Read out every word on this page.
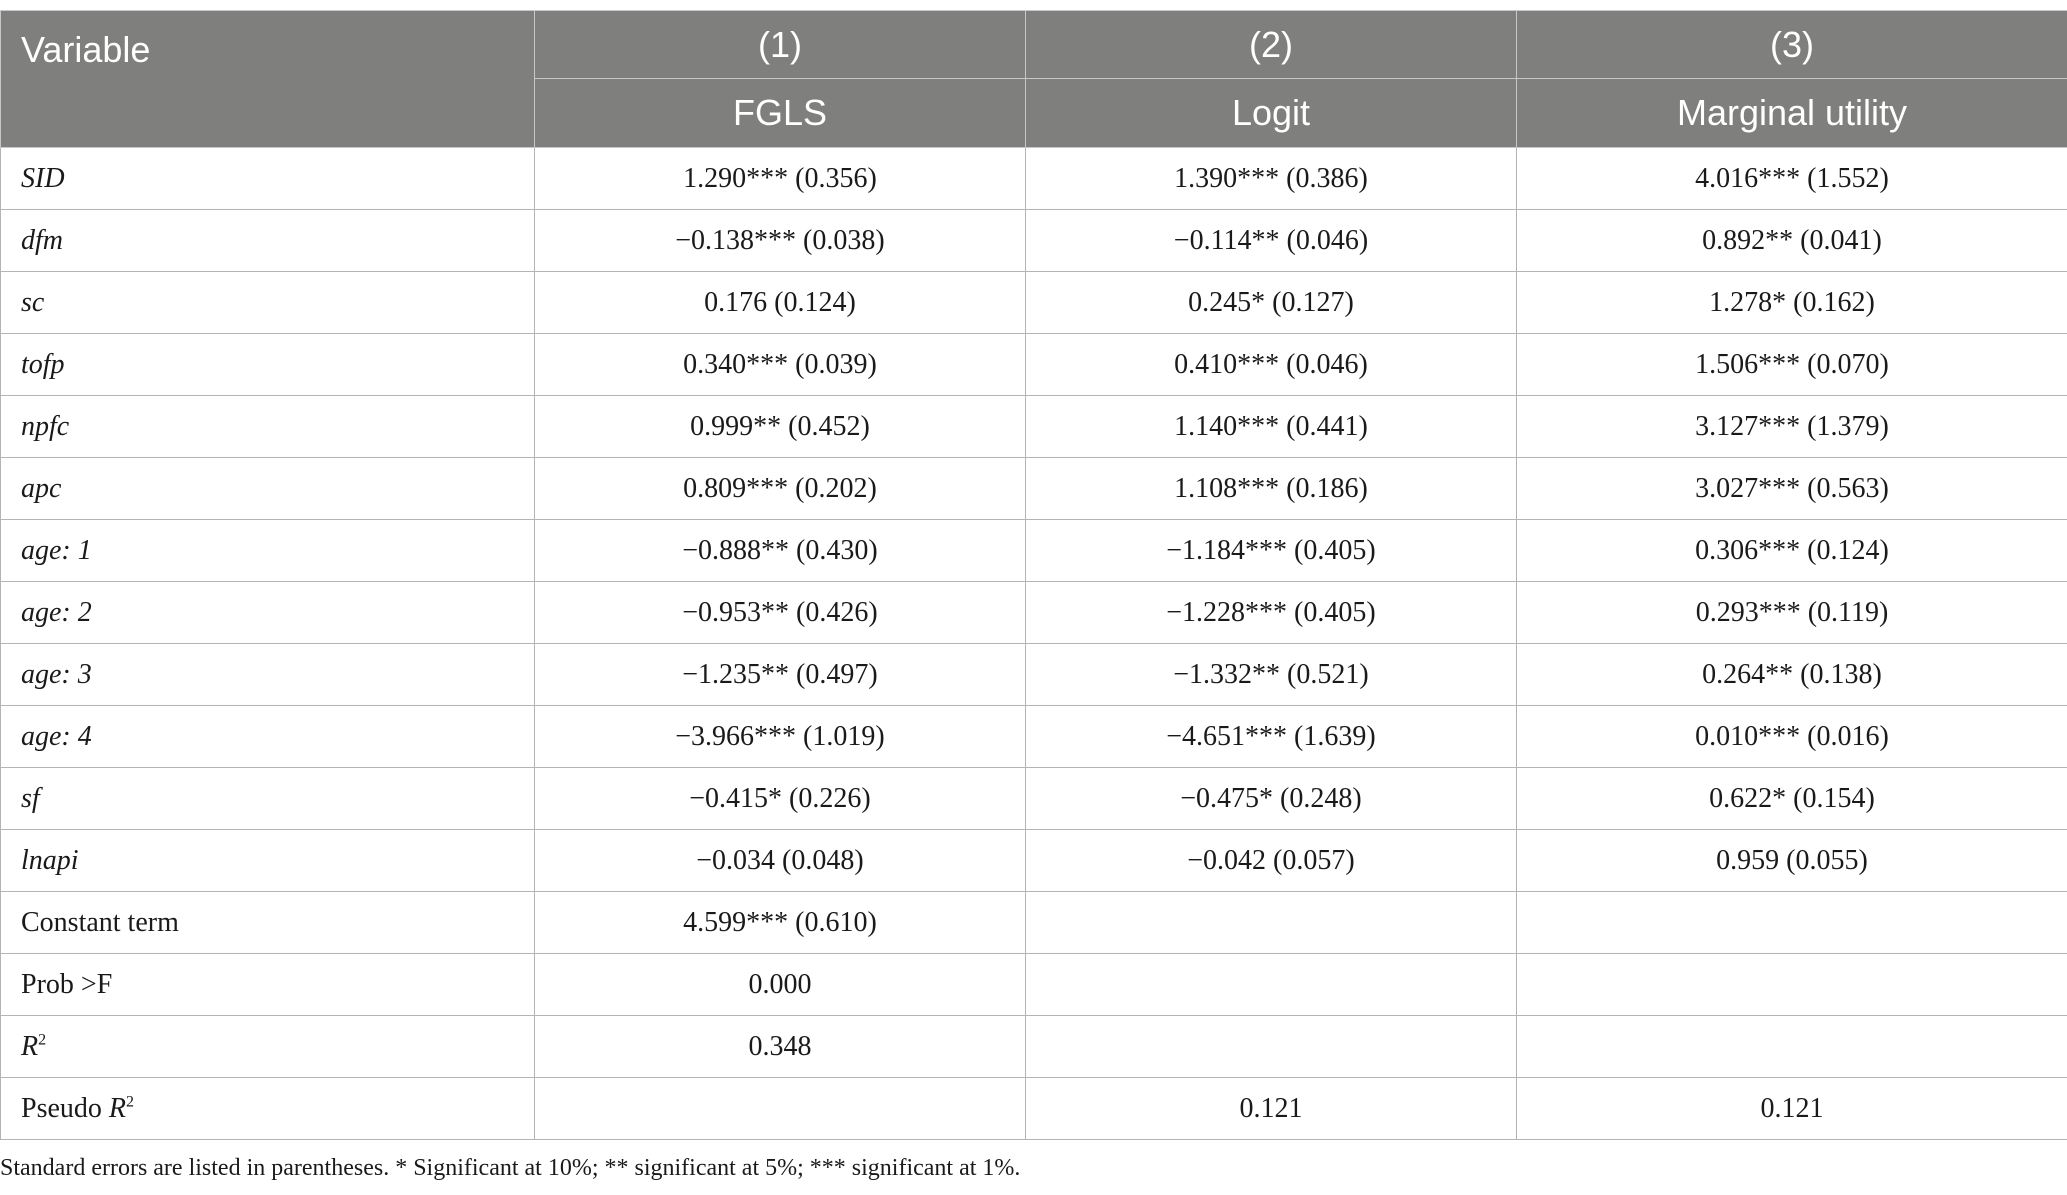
Variable	(1)	(2)	(3)
	FGLS	Logit	Marginal utility
SID	1.290*** (0.356)	1.390*** (0.386)	4.016*** (1.552)
dfm	−0.138*** (0.038)	−0.114** (0.046)	0.892** (0.041)
sc	0.176 (0.124)	0.245* (0.127)	1.278* (0.162)
tofp	0.340*** (0.039)	0.410*** (0.046)	1.506*** (0.070)
npfc	0.999** (0.452)	1.140*** (0.441)	3.127*** (1.379)
apc	0.809*** (0.202)	1.108*** (0.186)	3.027*** (0.563)
age: 1	−0.888** (0.430)	−1.184*** (0.405)	0.306*** (0.124)
age: 2	−0.953** (0.426)	−1.228*** (0.405)	0.293*** (0.119)
age: 3	−1.235** (0.497)	−1.332** (0.521)	0.264** (0.138)
age: 4	−3.966*** (1.019)	−4.651*** (1.639)	0.010*** (0.016)
sf	−0.415* (0.226)	−0.475* (0.248)	0.622* (0.154)
lnapi	−0.034 (0.048)	−0.042 (0.057)	0.959 (0.055)
Constant term	4.599*** (0.610)		
Prob >F	0.000		
$R^2$	0.348		
Pseudo $R^2$		0.121	0.121
Standard errors are listed in parentheses. * Significant at 10%; ** significant at 5%; *** significant at 1%.
